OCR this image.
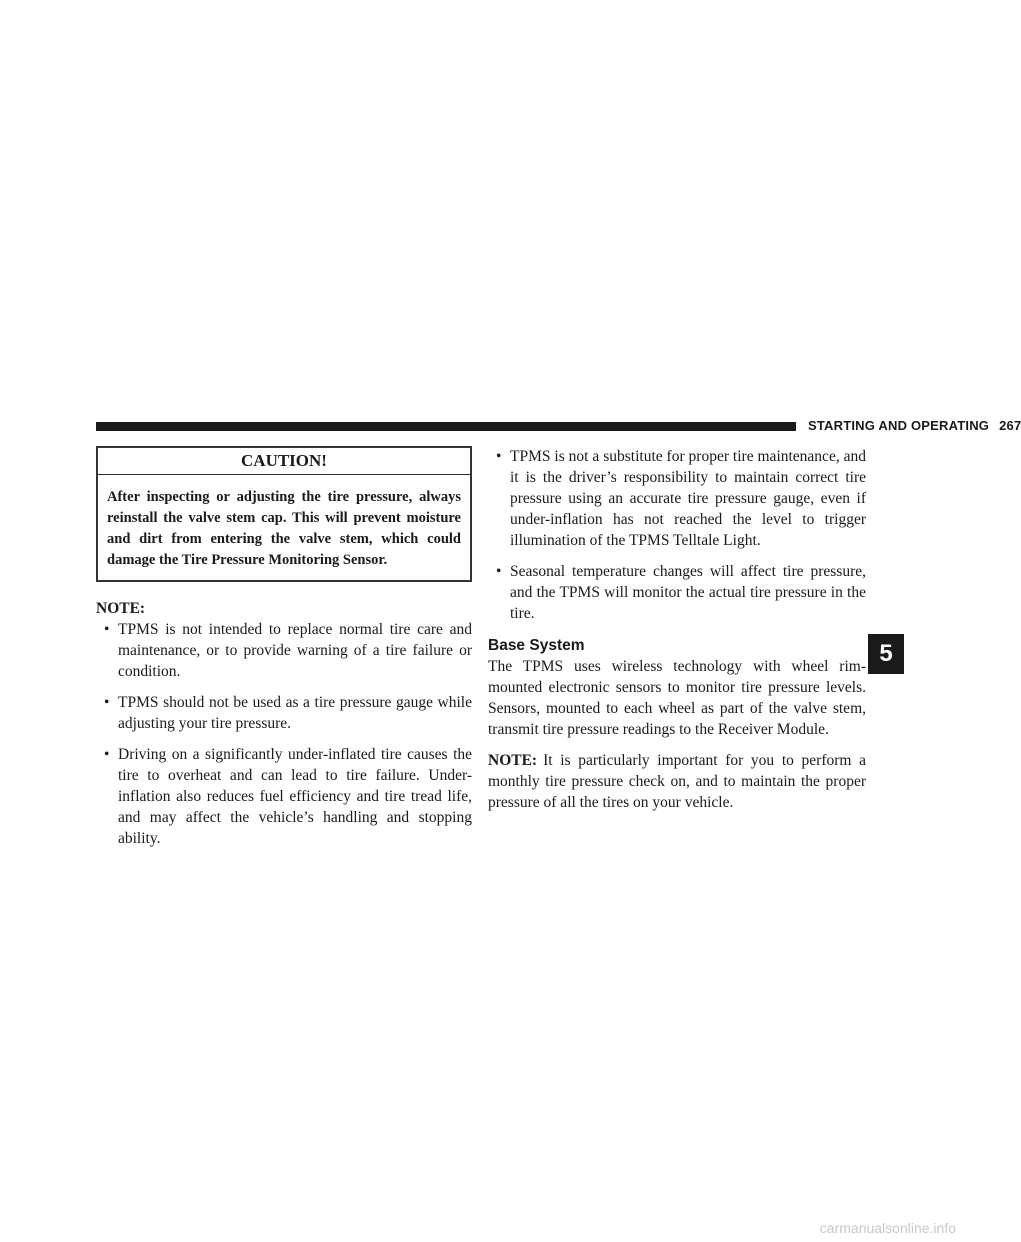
STARTING AND OPERATING 267
CAUTION!
After inspecting or adjusting the tire pressure, always reinstall the valve stem cap. This will prevent moisture and dirt from entering the valve stem, which could damage the Tire Pressure Monitoring Sensor.

NOTE:

• TPMS is not intended to replace normal tire care and maintenance, or to provide warning of a tire failure or condition.
• TPMS should not be used as a tire pressure gauge while adjusting your tire pressure.
• Driving on a significantly under-inflated tire causes the tire to overheat and can lead to tire failure. Under-inflation also reduces fuel efficiency and tire tread life, and may affect the vehicle’s handling and stopping ability.
• TPMS is not a substitute for proper tire maintenance, and it is the driver’s responsibility to maintain correct tire pressure using an accurate tire pressure gauge, even if under-inflation has not reached the level to trigger illumination of the TPMS Telltale Light.
• Seasonal temperature changes will affect tire pressure, and the TPMS will monitor the actual tire pressure in the tire.
Base System

The TPMS uses wireless technology with wheel rim-mounted electronic sensors to monitor tire pressure levels. Sensors, mounted to each wheel as part of the valve stem, transmit tire pressure readings to the Receiver Module.

NOTE: It is particularly important for you to perform a monthly tire pressure check on, and to maintain the proper pressure of all the tires on your vehicle.

5
carmanualsonline.info
